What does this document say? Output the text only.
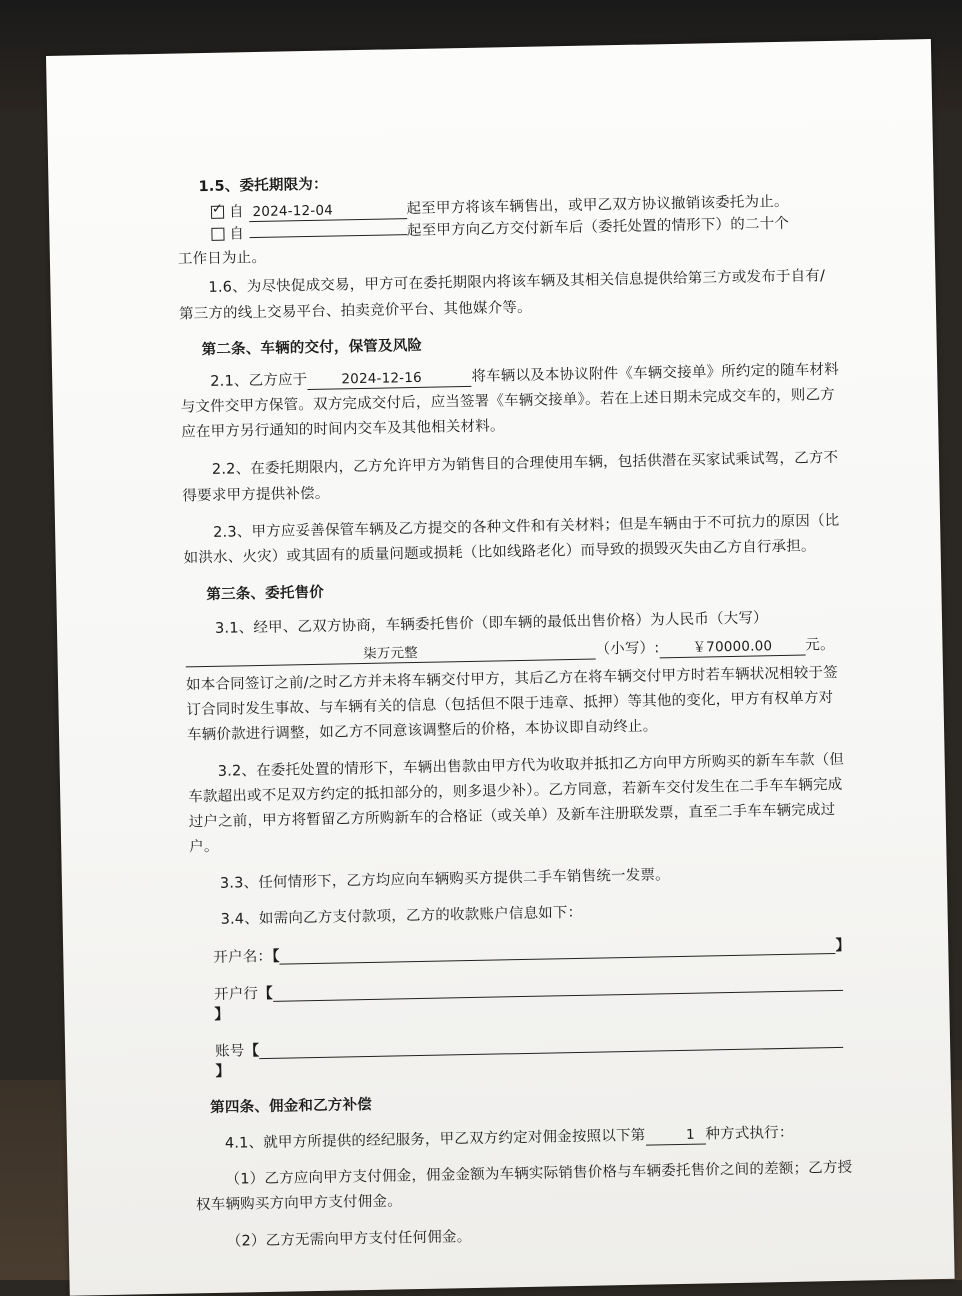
1.5、委托期限为：

✓ 自 2024-12-04	起至甲方将该车辆售出，或甲乙双方协议撤销该委托为止。

自	起至甲方向乙方交付新车后（委托处置的情形下）的二十个

工作日为止。

1.6、为尽快促成交易，甲方可在委托期限内将该车辆及其相关信息提供给第三方或发布于自有/第三方的线上交易平台、拍卖竞价平台、其他媒介等。

第二条、车辆的交付，保管及风险

2.1、乙方应于 2024-12-16	将车辆以及本协议附件《车辆交接单》所约定的随车材料与文件交甲方保管。双方完成交付后，应当签署《车辆交接单》。若在上述日期未完成交车的，则乙方应在甲方另行通知的时间内交车及其他相关材料。

2.2、在委托期限内，乙方允许甲方为销售目的合理使用车辆，包括供潜在买家试乘试驾，乙方不得要求甲方提供补偿。

2.3、甲方应妥善保管车辆及乙方提交的各种文件和有关材料；但是车辆由于不可抗力的原因（比如洪水、火灾）或其固有的质量问题或损耗（比如线路老化）而导致的损毁灭失由乙方自行承担。

第三条、委托售价

3.1、经甲、乙双方协商，车辆委托售价（即车辆的最低出售价格）为人民币（大写）

柒万元整	（小写）: ￥70000.00 元。

如本合同签订之前/之时乙方并未将车辆交付甲方，其后乙方在将车辆交付甲方时若车辆状况相较于签订合同时发生事故、与车辆有关的信息（包括但不限于违章、抵押）等其他的变化，甲方有权单方对车辆价款进行调整，如乙方不同意该调整后的价格，本协议即自动终止。

3.2、在委托处置的情形下，车辆出售款由甲方代为收取并抵扣乙方向甲方所购买的新车车款（但车款超出或不足双方约定的抵扣部分的，则多退少补）。乙方同意，若新车交付发生在二手车车辆完成过户之前，甲方将暂留乙方所购新车的合格证（或关单）及新车注册联发票，直至二手车车辆完成过户。

3.3、任何情形下，乙方均应向车辆购买方提供二手车销售统一发票。

3.4、如需向乙方支付款项，乙方的收款账户信息如下：

开户名：【】

开户行【】

账号【】

第四条、佣金和乙方补偿

4.1、就甲方所提供的经纪服务，甲乙双方约定对佣金按照以下第	1 种方式执行：

（1）乙方应向甲方支付佣金，佣金金额为车辆实际销售价格与车辆委托售价之间的差额；乙方授权车辆购买方向甲方支付佣金。

（2）乙方无需向甲方支付任何佣金。
